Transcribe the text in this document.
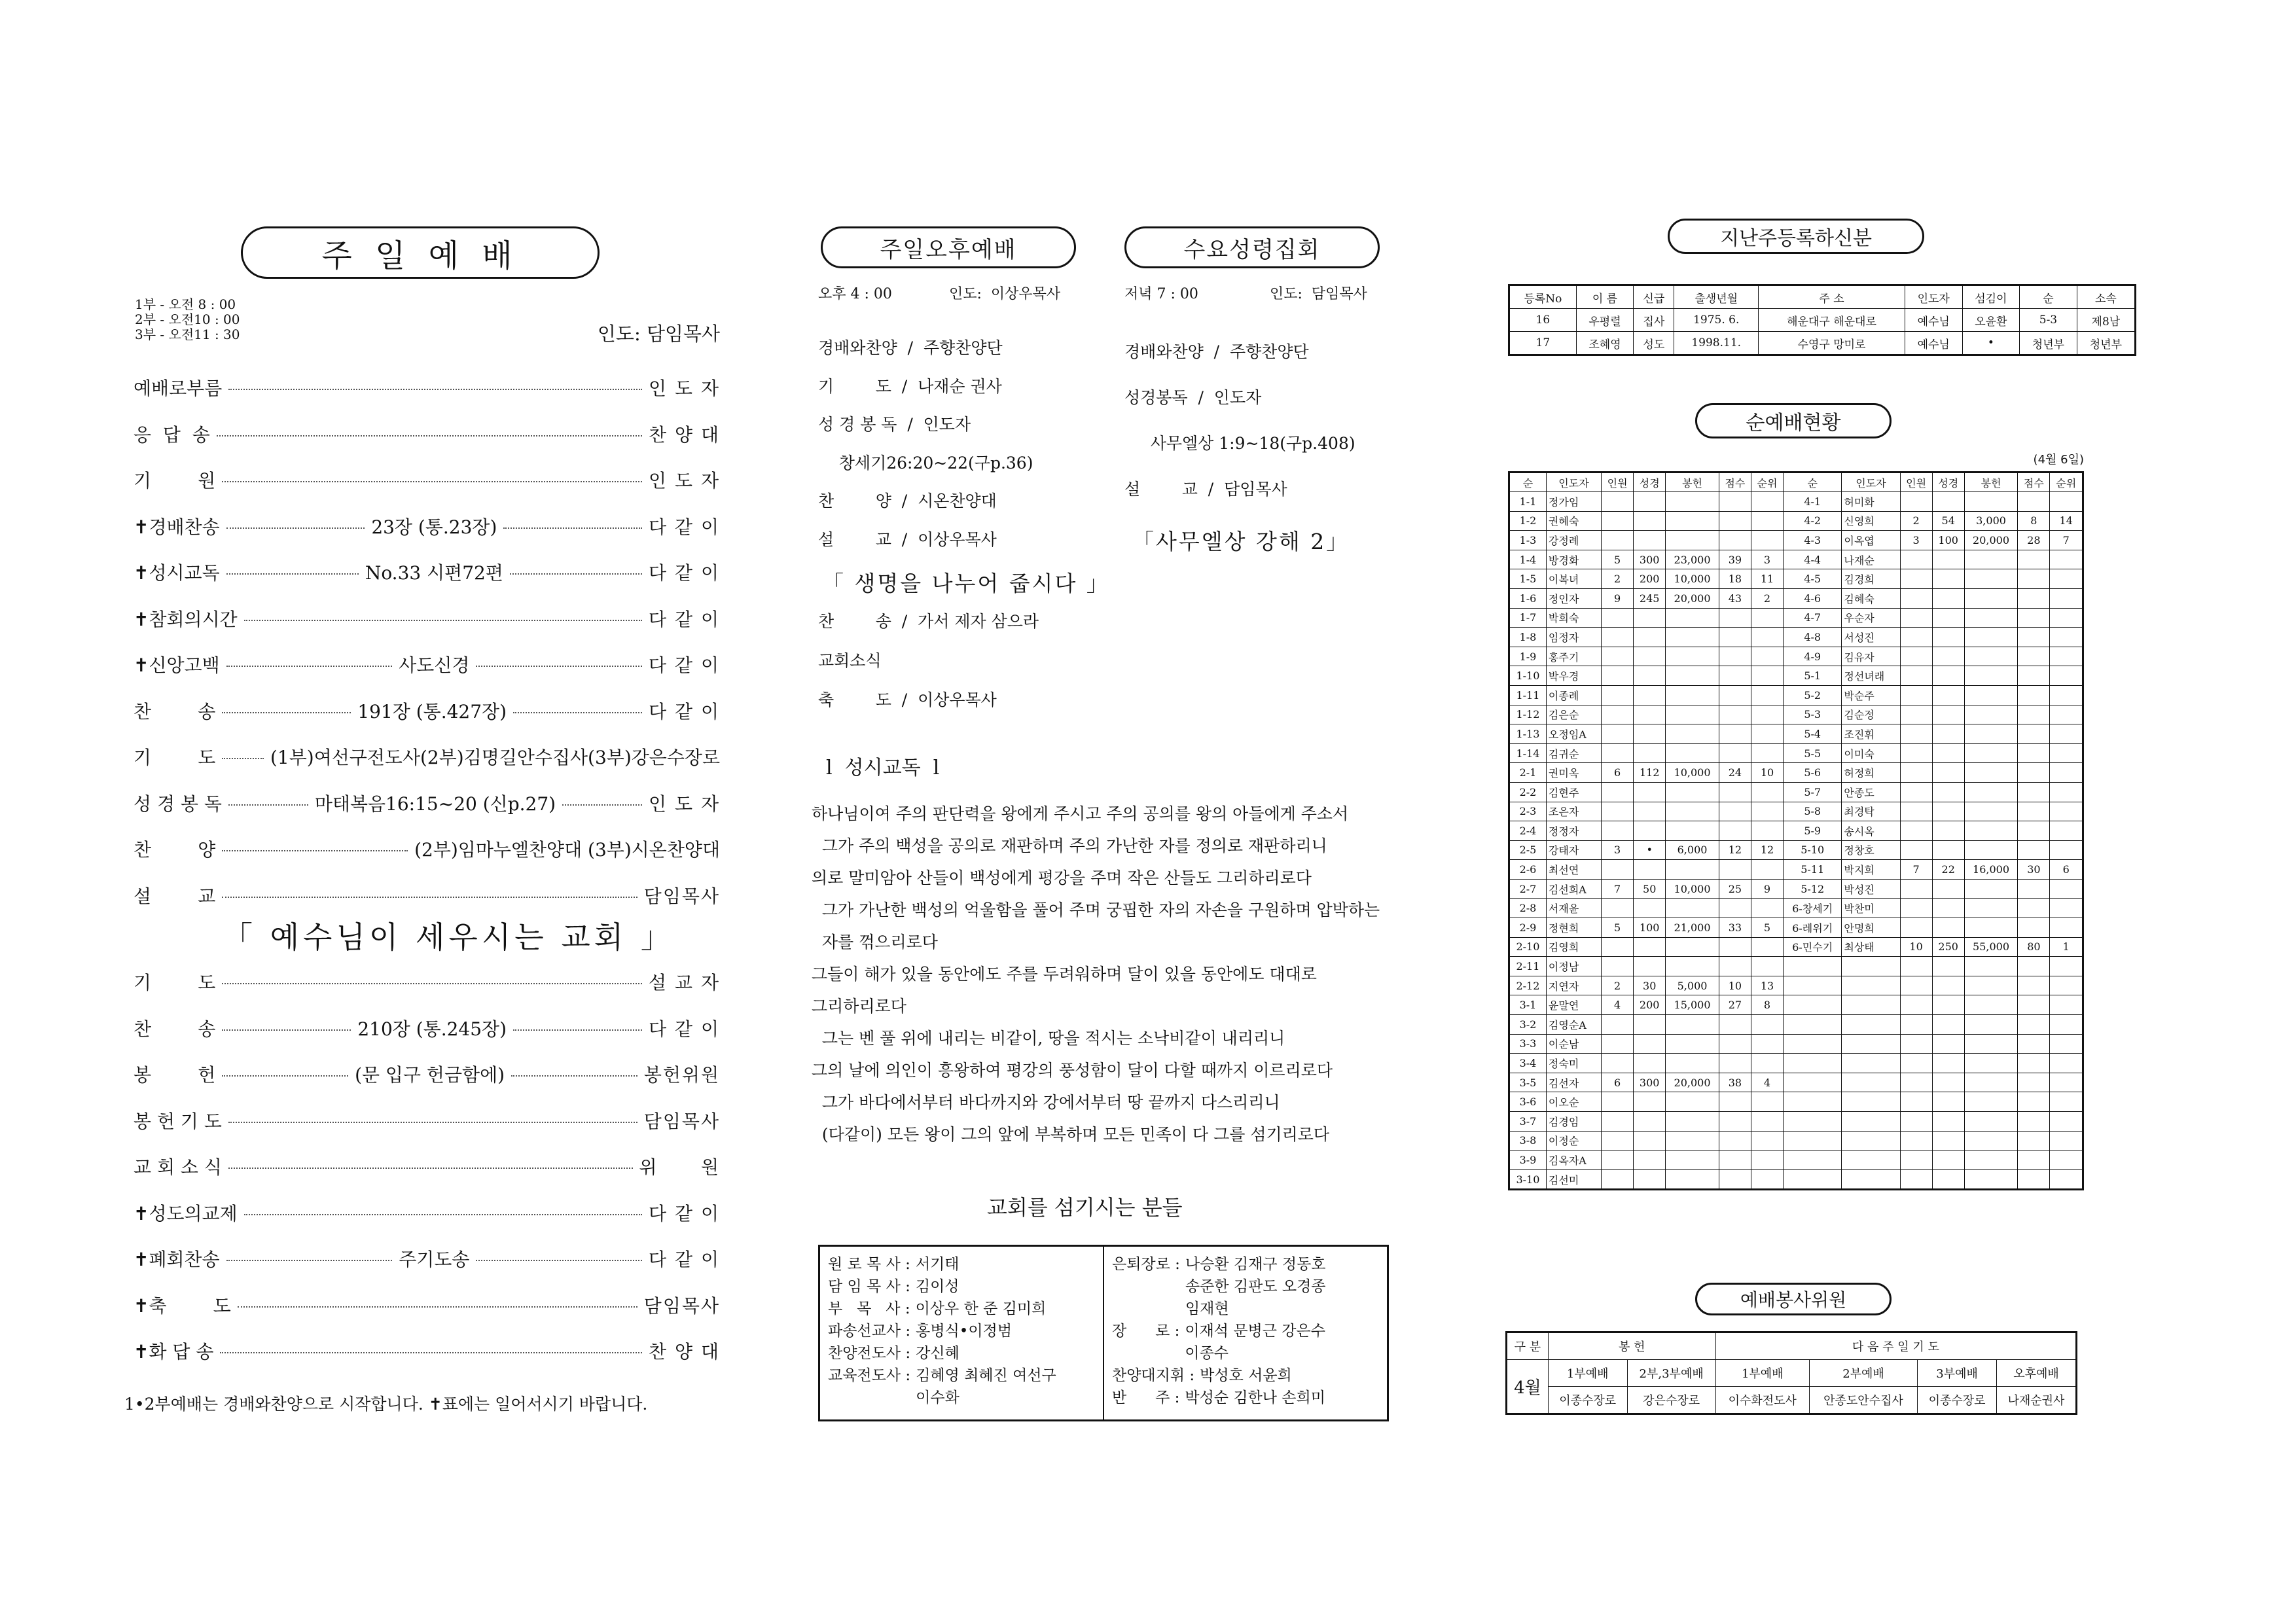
주 일 예 배
1부 - 오전 8 : 00
2부 - 오전10 : 00
3부 - 오전11 : 30	인도: 담임목사
예배로부름	인 도 자
응  답  송	찬 양 대
기        원	인 도 자
✝경배찬송	23장 (통.23장)	다 같 이
✝성시교독	No.33 시편72편	다 같 이
✝참회의시간	다 같 이
✝신앙고백	사도신경	다 같 이
찬        송	191장 (통.427장)	다 같 이
기        도	(1부)여선구전도사(2부)김명길안수집사(3부)강은수장로
성 경 봉 독	마태복음16:15~20 (신p.27)	인 도 자
찬        양	(2부)임마누엘찬양대 (3부)시온찬양대
설        교	담임목사
「 예수님이 세우시는 교회 」
기        도	설 교 자
찬        송	210장 (통.245장)	다 같 이
봉        헌	(문 입구 헌금함에)	봉헌위원
봉 헌 기 도	담임목사
교 회 소 식	위      원
✝성도의교제	다 같 이
✝폐회찬송	주기도송	다 같 이
✝축        도	담임목사
✝화 답 송	찬 양 대
1•2부예배는 경배와찬양으로 시작합니다. ✝표에는 일어서시기 바랍니다.
주일오후예배	수요성령집회
오후 4 : 00	인도:  이상우목사	저녁 7 : 00	인도:  담임목사
경배와찬양  /  주향찬양단
기        도  /  나재순 권사
성 경 봉 독  /  인도자
창세기26:20~22(구p.36)
찬        양  /  시온찬양대
설        교  /  이상우목사
「 생명을 나누어 줍시다 」
찬        송  /  가서 제자 삼으라
교회소식
축        도  /  이상우목사
경배와찬양  /  주향찬양단
성경봉독  /  인도자
사무엘상 1:9~18(구p.408)
설        교  /  담임목사
「사무엘상 강해 2」
l  성시교독  l
하나님이여 주의 판단력을 왕에게 주시고 주의 공의를 왕의 아들에게 주소서
그가 주의 백성을 공의로 재판하며 주의 가난한 자를 정의로 재판하리니
의로 말미암아 산들이 백성에게 평강을 주며 작은 산들도 그리하리로다
그가 가난한 백성의 억울함을 풀어 주며 궁핍한 자의 자손을 구원하며 압박하는
자를 꺾으리로다
그들이 해가 있을 동안에도 주를 두려워하며 달이 있을 동안에도 대대로
그리하리로다
그는 벤 풀 위에 내리는 비같이, 땅을 적시는 소낙비같이 내리리니
그의 날에 의인이 흥왕하여 평강의 풍성함이 달이 다할 때까지 이르리로다
그가 바다에서부터 바다까지와 강에서부터 땅 끝까지 다스리리니
(다같이) 모든 왕이 그의 앞에 부복하며 모든 민족이 다 그를 섬기리로다
교회를 섬기시는 분들
원 로 목 사 : 서기태
담 임 목 사 : 김이성
부   목   사 : 이상우 한 준 김미희
파송선교사 : 홍병식•이정범
찬양전도사 : 강신혜
교육전도사 : 김혜영 최혜진 여선구
이수화
은퇴장로 : 나승환 김재구 정동호
송준한 김판도 오경종
임재현
장      로 : 이재석 문병근 강은수
이종수
찬양대지휘 : 박성호 서윤희
반      주 : 박성순 김한나 손희미
지난주등록하신분
등록No	이 름	신급	출생년월	주 소	인도자	섬김이	순	소속
16	우평렬	집사	1975. 6.	해운대구 해운대로	예수님	오윤환	5-3	제8남
17	조혜영	성도	1998.11.	수영구 망미로	예수님	•	청년부	청년부
순예배현황
(4월 6일)
순	인도자	인원	성경	봉헌	점수	순위	순	인도자	인원	성경	봉헌	점수	순위
1-1	정가임						4-1	허미화					
1-2	권혜숙						4-2	신영희	2	54	3,000	8	14
1-3	강정례						4-3	이옥엽	3	100	20,000	28	7
1-4	방경화	5	300	23,000	39	3	4-4	나재순					
1-5	이복녀	2	200	10,000	18	11	4-5	김경희					
1-6	정인자	9	245	20,000	43	2	4-6	김혜숙					
1-7	박희숙						4-7	우순자					
1-8	임정자						4-8	서성진					
1-9	홍주기						4-9	김유자					
1-10	박우경						5-1	정선녀래					
1-11	이종례						5-2	박순주					
1-12	김은순						5-3	김순정					
1-13	오정임A						5-4	조진휘					
1-14	김귀순						5-5	이미숙					
2-1	권미옥	6	112	10,000	24	10	5-6	허정희					
2-2	김현주						5-7	안종도					
2-3	조은자						5-8	최경탁					
2-4	정정자						5-9	송시옥					
2-5	강태자	3	•	6,000	12	12	5-10	정창호					
2-6	최선연						5-11	박지희	7	22	16,000	30	6
2-7	김선희A	7	50	10,000	25	9	5-12	박성진					
2-8	서재윤						6-창세기	박찬미					
2-9	정현희	5	100	21,000	33	5	6-레위기	안명희					
2-10	김영희						6-민수기	최상태	10	250	55,000	80	1
2-11	이정남												
2-12	지연자	2	30	5,000	10	13							
3-1	윤말연	4	200	15,000	27	8							
3-2	김영순A												
3-3	이순남												
3-4	정숙미												
3-5	김선자	6	300	20,000	38	4							
3-6	이오순												
3-7	김경임												
3-8	이정순												
3-9	김옥자A												
3-10	김선미												
예배봉사위원
구 분	봉 헌		다 음 주 일 기 도			
4월	1부예배	2부,3부예배	1부예배	2부예배	3부예배	오후예배
	이종수장로	강은수장로	이수화전도사	안종도안수집사	이종수장로	나재순권사
